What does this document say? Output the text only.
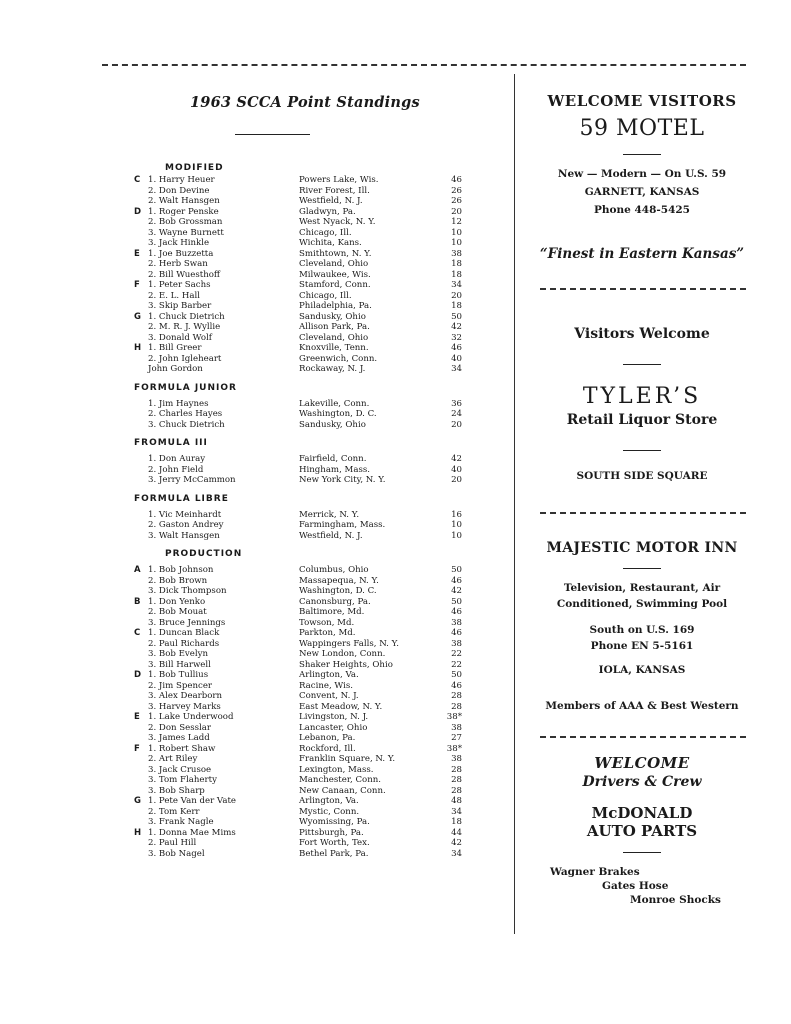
1963 SCCA Point Standings
MODIFIED
C 1. Harry Heuer	Powers Lake, Wis.	46
2. Don Devine	River Forest, Ill.	26
2. Walt Hansgen	Westfield, N. J.	26
D 1. Roger Penske	Gladwyn, Pa.	20
2. Bob Grossman	West Nyack, N. Y.	12
3. Wayne Burnett	Chicago, Ill.	10
3. Jack Hinkle	Wichita, Kans.	10
E 1. Joe Buzzetta	Smithtown, N. Y.	38
2. Herb Swan	Cleveland, Ohio	18
2. Bill Wuesthoff	Milwaukee, Wis.	18
F 1. Peter Sachs	Stamford, Conn.	34
2. E. L. Hall	Chicago, Ill.	20
3. Skip Barber	Philadelphia, Pa.	18
G 1. Chuck Dietrich	Sandusky, Ohio	50
2. M. R. J. Wyllie	Allison Park, Pa.	42
3. Donald Wolf	Cleveland, Ohio	32
H 1. Bill Greer	Knoxville, Tenn.	46
2. John Igleheart	Greenwich, Conn.	40
John Gordon	Rockaway, N. J.	34
FORMULA JUNIOR
1. Jim Haynes	Lakeville, Conn.	36
2. Charles Hayes	Washington, D. C.	24
3. Chuck Dietrich	Sandusky, Ohio	20
FROMULA III
1. Don Auray	Fairfield, Conn.	42
2. John Field	Hingham, Mass.	40
3. Jerry McCammon	New York City, N. Y.	20
FORMULA LIBRE
1. Vic Meinhardt	Merrick, N. Y.	16
2. Gaston Andrey	Farmingham, Mass.	10
3. Walt Hansgen	Westfield, N. J.	10
PRODUCTION
A 1. Bob Johnson	Columbus, Ohio	50
2. Bob Brown	Massapequa, N. Y.	46
3. Dick Thompson	Washington, D. C.	42
B 1. Don Yenko	Canonsburg, Pa.	50
2. Bob Mouat	Baltimore, Md.	46
3. Bruce Jennings	Towson, Md.	38
C 1. Duncan Black	Parkton, Md.	46
2. Paul Richards	Wappingers Falls, N. Y.	38
3. Bob Evelyn	New London, Conn.	22
3. Bill Harwell	Shaker Heights, Ohio	22
D 1. Bob Tullius	Arlington, Va.	50
2. Jim Spencer	Racine, Wis.	46
3. Alex Dearborn	Convent, N. J.	28
3. Harvey Marks	East Meadow, N. Y.	28
E 1. Lake Underwood	Livingston, N. J.	38*
2. Don Sesslar	Lancaster, Ohio	38
3. James Ladd	Lebanon, Pa.	27
F 1. Robert Shaw	Rockford, Ill.	38*
2. Art Riley	Franklin Square, N. Y.	38
3. Jack Crusoe	Lexington, Mass.	28
3. Tom Flaherty	Manchester, Conn.	28
3. Bob Sharp	New Canaan, Conn.	28
G 1. Pete Van der Vate	Arlington, Va.	48
2. Tom Kerr	Mystic, Conn.	34
3. Frank Nagle	Wyomissing, Pa.	18
H 1. Donna Mae Mims	Pittsburgh, Pa.	44
2. Paul Hill	Fort Worth, Tex.	42
3. Bob Nagel	Bethel Park, Pa.	34
WELCOME VISITORS
59 MOTEL
New — Modern — On U.S. 59
GARNETT, KANSAS
Phone 448-5425
“Finest in Eastern Kansas”
Visitors Welcome
TYLER’S
Retail Liquor Store
SOUTH SIDE SQUARE
MAJESTIC MOTOR INN
Television, Restaurant, Air
Conditioned, Swimming Pool
South on U.S. 169
Phone EN 5-5161
IOLA, KANSAS
Members of AAA & Best Western
WELCOME
Drivers & Crew
McDONALD
AUTO PARTS
Wagner Brakes
Gates Hose
Monroe Shocks
